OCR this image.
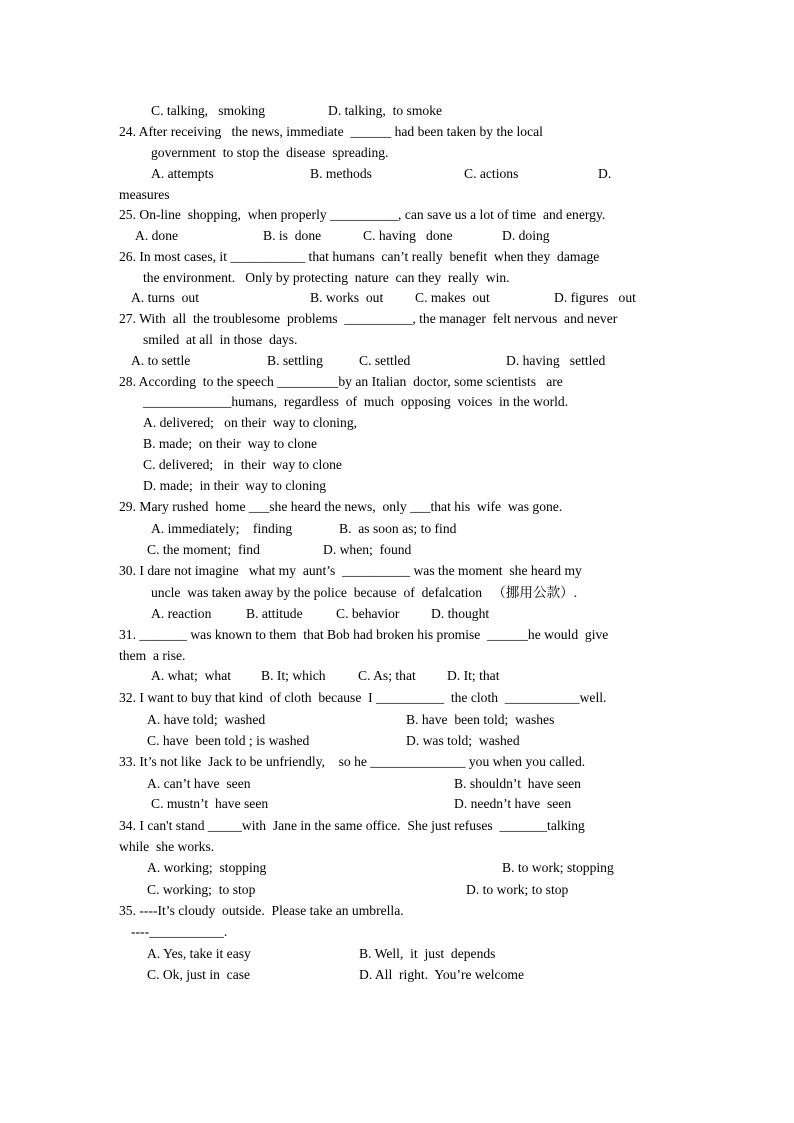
C. talking,   smoking	D. talking,  to smoke
24. After receiving   the news, immediate  ______ had been taken by the local
government  to stop the  disease  spreading.
A. attempts	B. methods	C. actions	D.
measures
25. On-line  shopping,  when properly __________, can save us a lot of time  and energy.
A. done	B. is  done	C. having   done	D. doing
26. In most cases, it ___________ that humans  can’t really  benefit  when they  damage
the environment.   Only by protecting  nature  can they  really  win.
A. turns  out	B. works  out C. makes  out	D. figures   out
27. With  all  the troublesome  problems  __________, the manager  felt nervous  and never
smiled  at all  in those  days.
A. to settle	B. settling	C. settled	D. having   settled
28. According  to the speech _________by an Italian  doctor, some scientists   are
_____________humans,  regardless  of  much  opposing  voices  in the world.
A. delivered;   on their  way to cloning,
B. made;  on their  way to clone
C. delivered;   in  their  way to clone
D. made;  in their  way to cloning
29. Mary rushed  home ___she heard the news,  only ___that his  wife  was gone.
A. immediately;    finding	B.  as soon as; to find
C. the moment;  find	D. when;  found
30. I dare not imagine   what my  aunt’s  __________ was the moment  she heard my
uncle  was taken away by the police  because  of  defalcation   （挪用公款）.
A. reaction	B. attitude C. behavior D. thought
31. _______ was known to them  that Bob had broken his promise  ______he would  give
them  a rise.
A. what;  what B. It; which C. As; that D. It; that
32. I want to buy that kind  of cloth  because  I __________  the cloth  ___________well.
A. have told;  washed	B. have  been told;  washes
C. have  been told ; is washed	D. was told;  washed
33. It’s not like  Jack to be unfriendly,    so he ______________ you when you called.
A. can’t have  seen	B. shouldn’t  have seen
C. mustn’t  have seen	D. needn’t have  seen
34. I can't stand _____with  Jane in the same office.  She just refuses  _______talking
while  she works.
A. working;  stopping	B. to work; stopping
C. working;  to stop	D. to work; to stop
35. ----It’s cloudy  outside.  Please take an umbrella.
----___________.
A. Yes, take it easy	B. Well,  it  just  depends
C. Ok, just in  case	D. All  right.  You’re welcome
